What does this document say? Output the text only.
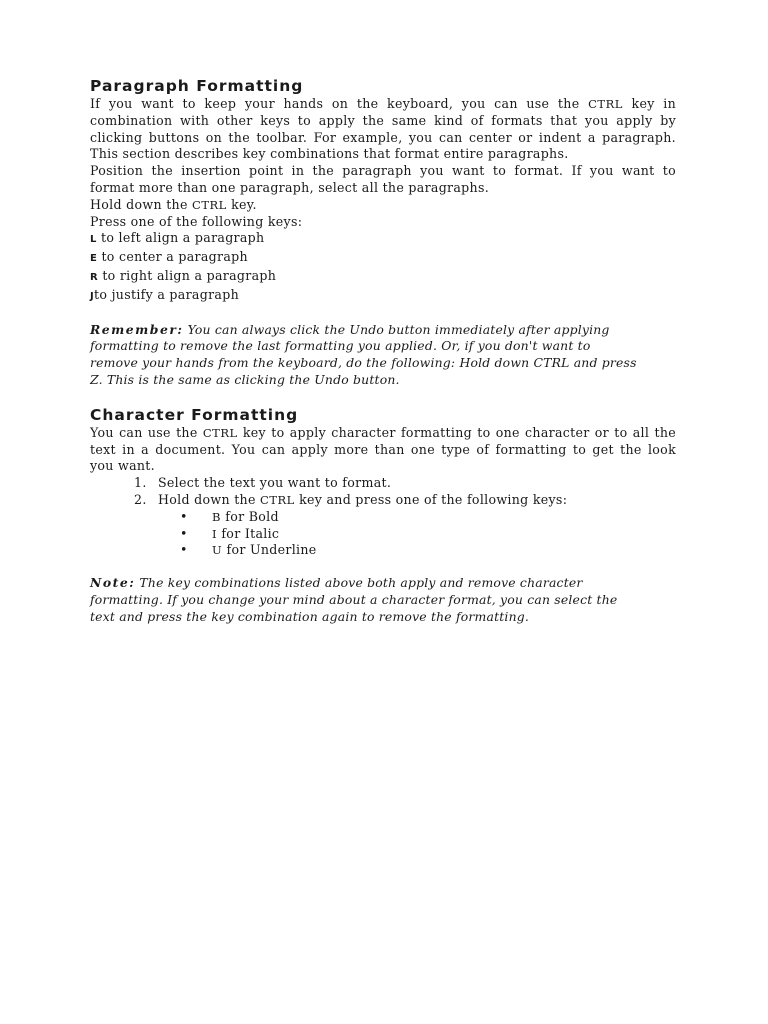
Paragraph Formatting
If you want to keep your hands on the keyboard, you can use the CTRL key in
combination with other keys to apply the same kind of formats that you apply by
clicking buttons on the toolbar. For example, you can center or indent a paragraph.
This section describes key combinations that format entire paragraphs.
Position the insertion point in the paragraph you want to format. If you want to
format more than one paragraph, select all the paragraphs.
Hold down the CTRL key.
Press one of the following keys:
L to left align a paragraph
E to center a paragraph
R to right align a paragraph
Jto justify a paragraph
Remember: You can always click the Undo button immediately after applying
formatting to remove the last formatting you applied. Or, if you don't want to
remove your hands from the keyboard, do the following: Hold down CTRL and press
Z. This is the same as clicking the Undo button.
Character Formatting
You can use the CTRL key to apply character formatting to one character or to all the
text in a document. You can apply more than one type of formatting to get the look
you want.
1. Select the text you want to format.
2. Hold down the CTRL key and press one of the following keys:
• B for Bold
• I for Italic
• U for Underline
Note: The key combinations listed above both apply and remove character
formatting. If you change your mind about a character format, you can select the
text and press the key combination again to remove the formatting.
